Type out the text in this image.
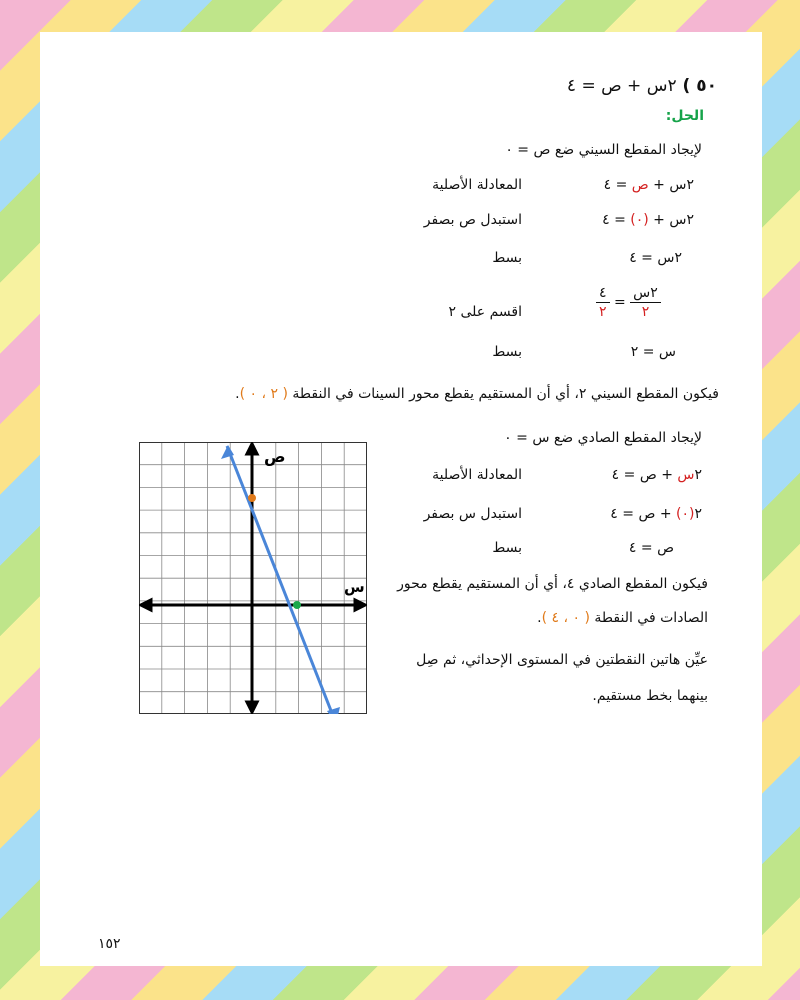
٥٠ ) ٢س + ص = ٤
الحل:
لإيجاد المقطع السيني ضع ص = ٠
٢س + ص = ٤
المعادلة الأصلية
٢س + (٠) = ٤
استبدل ص بصفر
٢س = ٤
بسط
$\frac{٤}{٢} = \frac{\text{٢س}}{٢}$
اقسم على ٢
س = ٢
بسط
فيكون المقطع السيني ٢، أي أن المستقيم يقطع محور السينات في النقطة ( ٢ ، ٠ ).
لإيجاد المقطع الصادي ضع س = ٠
٢س + ص = ٤
المعادلة الأصلية
٢(٠) + ص = ٤
استبدل س بصفر
ص = ٤
بسط
فيكون المقطع الصادي ٤، أي أن المستقيم يقطع محور
الصادات في النقطة ( ٠ ، ٤ ).
عيِّن هاتين النقطتين في المستوى الإحداثي، ثم صِل
بينهما بخط مستقيم.
ص
س
١٥٢
